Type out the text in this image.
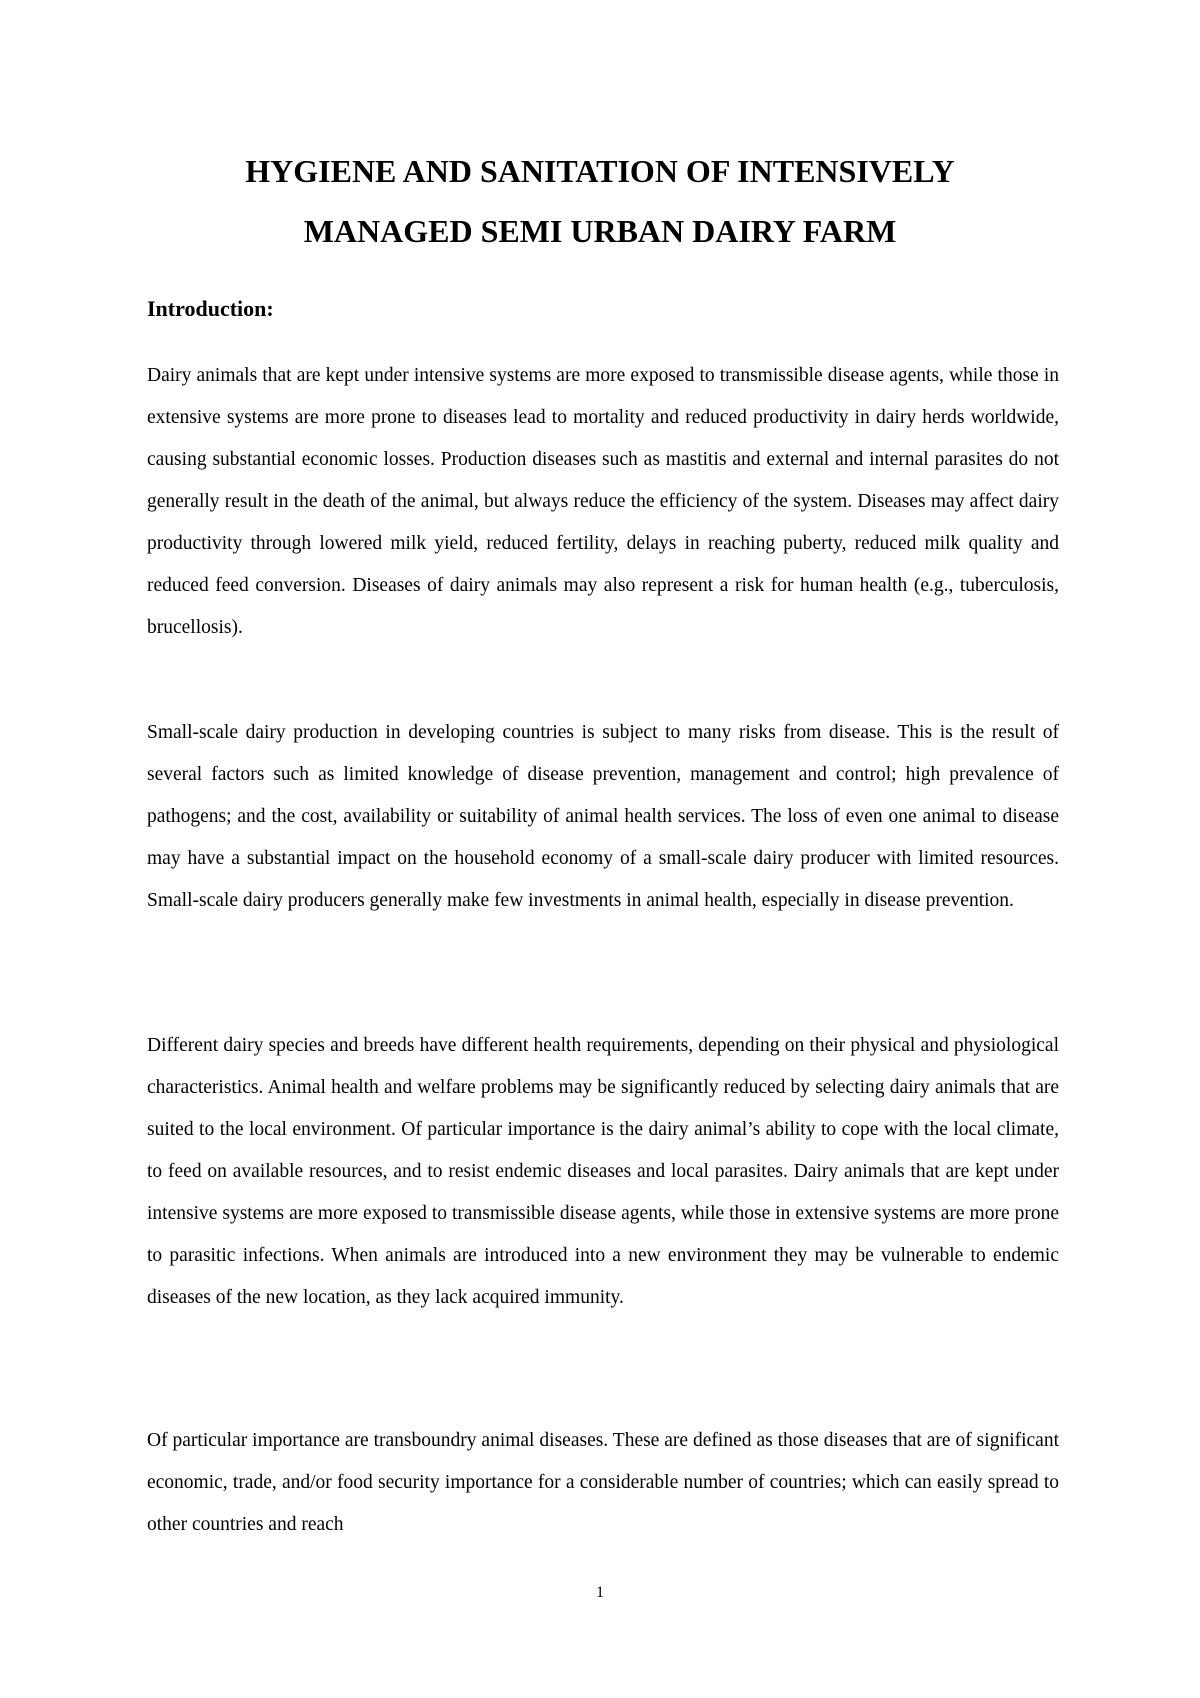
HYGIENE AND SANITATION OF INTENSIVELY
MANAGED SEMI URBAN DAIRY FARM
Introduction:

Dairy animals that are kept under intensive systems are more exposed to transmissible disease agents, while those in extensive systems are more prone to diseases lead to mortality and reduced productivity in dairy herds worldwide, causing substantial economic losses. Production diseases such as mastitis and external and internal parasites do not generally result in the death of the animal, but always reduce the efficiency of the system. Diseases may affect dairy productivity through lowered milk yield, reduced fertility, delays in reaching puberty, reduced milk quality and reduced feed conversion. Diseases of dairy animals may also represent a risk for human health (e.g., tuberculosis, brucellosis).

Small-scale dairy production in developing countries is subject to many risks from disease. This is the result of several factors such as limited knowledge of disease prevention, management and control; high prevalence of pathogens; and the cost, availability or suitability of animal health services. The loss of even one animal to disease may have a substantial impact on the household economy of a small-scale dairy producer with limited resources. Small-scale dairy producers generally make few investments in animal health, especially in disease prevention.

Different dairy species and breeds have different health requirements, depending on their physical and physiological characteristics. Animal health and welfare problems may be significantly reduced by selecting dairy animals that are suited to the local environment. Of particular importance is the dairy animal’s ability to cope with the local climate, to feed on available resources, and to resist endemic diseases and local parasites. Dairy animals that are kept under intensive systems are more exposed to transmissible disease agents, while those in extensive systems are more prone to parasitic infections. When animals are introduced into a new environment they may be vulnerable to endemic diseases of the new location, as they lack acquired immunity.

Of particular importance are transboundry animal diseases. These are defined as those diseases that are of significant economic, trade, and/or food security importance for a considerable number of countries; which can easily spread to other countries and reach

1
